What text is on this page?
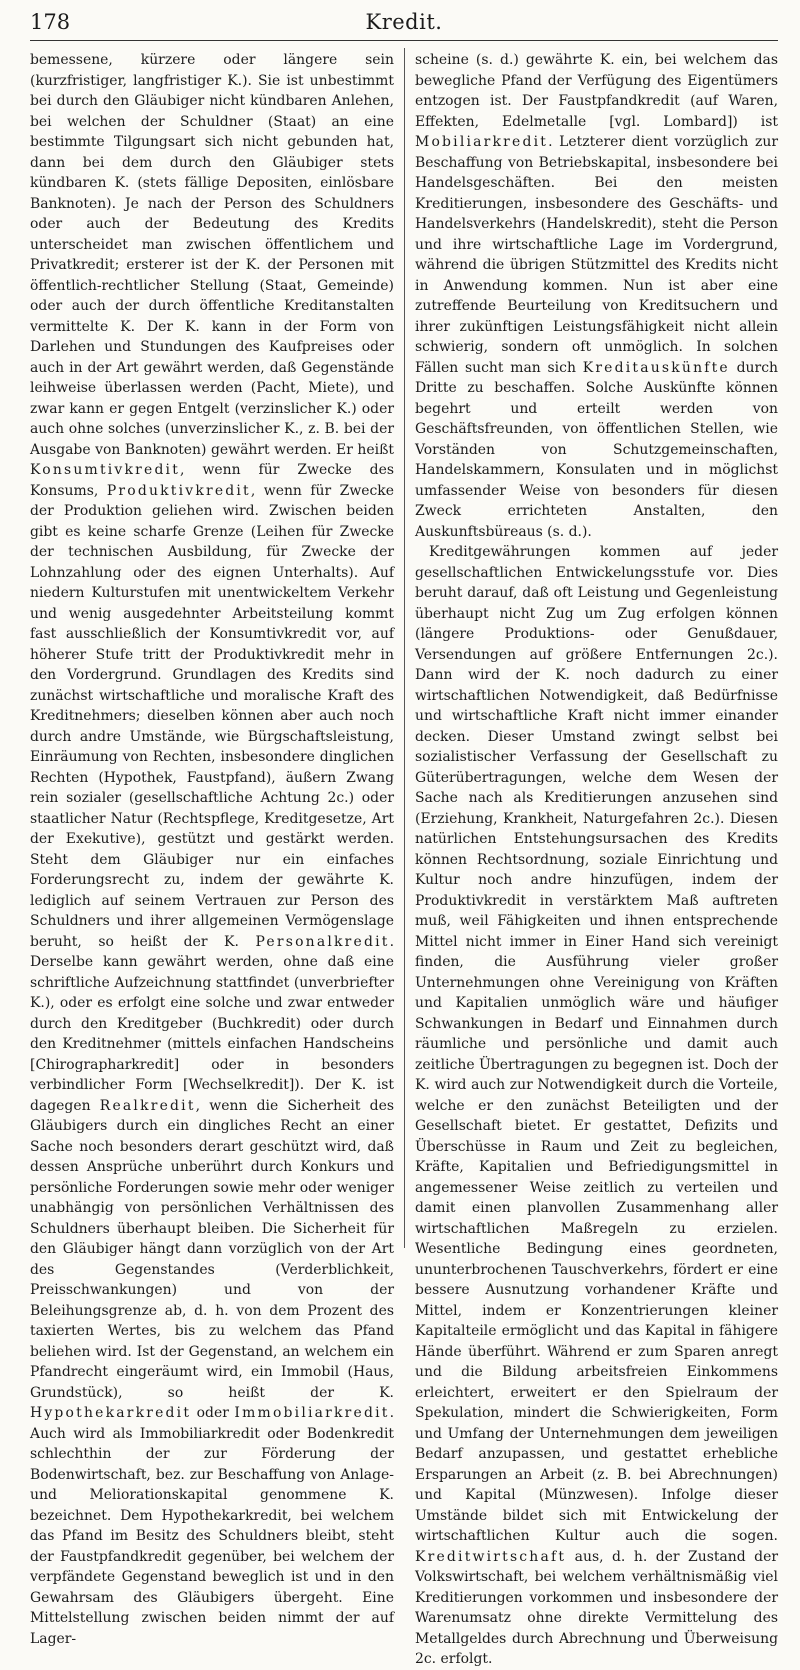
178	Kredit.

bemessene, kürzere oder längere sein (kurzfristiger, langfristiger K.). Sie ist unbestimmt bei durch den Gläubiger nicht kündbaren Anlehen, bei welchen der Schuldner (Staat) an eine bestimmte Tilgungsart sich nicht gebunden hat, dann bei dem durch den Gläubiger stets kündbaren K. (stets fällige Depositen, einlösbare Banknoten). Je nach der Person des Schuldners oder auch der Bedeutung des Kredits unterscheidet man zwischen öffentlichem und Privatkredit; ersterer ist der K. der Personen mit öffentlich-rechtlicher Stellung (Staat, Gemeinde) oder auch der durch öffentliche Kreditanstalten vermittelte K. Der K. kann in der Form von Darlehen und Stundungen des Kaufpreises oder auch in der Art gewährt werden, daß Gegenstände leihweise überlassen werden (Pacht, Miete), und zwar kann er gegen Entgelt (verzinslicher K.) oder auch ohne solches (unverzinslicher K., z. B. bei der Ausgabe von Banknoten) gewährt werden. Er heißt Konsumtivkredit, wenn für Zwecke des Konsums, Produktivkredit, wenn für Zwecke der Produktion geliehen wird. Zwischen beiden gibt es keine scharfe Grenze (Leihen für Zwecke der technischen Ausbildung, für Zwecke der Lohnzahlung oder des eignen Unterhalts). Auf niedern Kulturstufen mit unentwickeltem Verkehr und wenig ausgedehnter Arbeitsteilung kommt fast ausschließlich der Konsumtivkredit vor, auf höherer Stufe tritt der Produktivkredit mehr in den Vordergrund. Grundlagen des Kredits sind zunächst wirtschaftliche und moralische Kraft des Kreditnehmers; dieselben können aber auch noch durch andre Umstände, wie Bürgschaftsleistung, Einräumung von Rechten, insbesondere dinglichen Rechten (Hypothek, Faustpfand), äußern Zwang rein sozialer (gesellschaftliche Achtung 2c.) oder staatlicher Natur (Rechtspflege, Kreditgesetze, Art der Exekutive), gestützt und gestärkt werden. Steht dem Gläubiger nur ein einfaches Forderungsrecht zu, indem der gewährte K. lediglich auf seinem Vertrauen zur Person des Schuldners und ihrer allgemeinen Vermögenslage beruht, so heißt der K. Personalkredit. Derselbe kann gewährt werden, ohne daß eine schriftliche Aufzeichnung stattfindet (unverbriefter K.), oder es erfolgt eine solche und zwar entweder durch den Kreditgeber (Buchkredit) oder durch den Kreditnehmer (mittels einfachen Handscheins [Chirographarkredit] oder in besonders verbindlicher Form [Wechselkredit]). Der K. ist dagegen Realkredit, wenn die Sicherheit des Gläubigers durch ein dingliches Recht an einer Sache noch besonders derart geschützt wird, daß dessen Ansprüche unberührt durch Konkurs und persönliche Forderungen sowie mehr oder weniger unabhängig von persönlichen Verhältnissen des Schuldners überhaupt bleiben. Die Sicherheit für den Gläubiger hängt dann vorzüglich von der Art des Gegenstandes (Verderblichkeit, Preisschwankungen) und von der Beleihungsgrenze ab, d. h. von dem Prozent des taxierten Wertes, bis zu welchem das Pfand beliehen wird. Ist der Gegenstand, an welchem ein Pfandrecht eingeräumt wird, ein Immobil (Haus, Grundstück), so heißt der K. Hypothekarkredit oder Immobiliarkredit. Auch wird als Immobiliarkredit oder Bodenkredit schlechthin der zur Förderung der Bodenwirtschaft, bez. zur Beschaffung von Anlage- und Meliorationskapital genommene K. bezeichnet. Dem Hypothekarkredit, bei welchem das Pfand im Besitz des Schuldners bleibt, steht der Faustpfandkredit gegenüber, bei welchem der verpfändete Gegenstand beweglich ist und in den Gewahrsam des Gläubigers übergeht. Eine Mittelstellung zwischen beiden nimmt der auf Lager-

scheine (s. d.) gewährte K. ein, bei welchem das bewegliche Pfand der Verfügung des Eigentümers entzogen ist. Der Faustpfandkredit (auf Waren, Effekten, Edelmetalle [vgl. Lombard]) ist Mobiliarkredit. Letzterer dient vorzüglich zur Beschaffung von Betriebskapital, insbesondere bei Handelsgeschäften. Bei den meisten Kreditierungen, insbesondere des Geschäfts- und Handelsverkehrs (Handelskredit), steht die Person und ihre wirtschaftliche Lage im Vordergrund, während die übrigen Stützmittel des Kredits nicht in Anwendung kommen. Nun ist aber eine zutreffende Beurteilung von Kreditsuchern und ihrer zukünftigen Leistungsfähigkeit nicht allein schwierig, sondern oft unmöglich. In solchen Fällen sucht man sich Kreditauskünfte durch Dritte zu beschaffen. Solche Auskünfte können begehrt und erteilt werden von Geschäftsfreunden, von öffentlichen Stellen, wie Vorständen von Schutzgemeinschaften, Handelskammern, Konsulaten und in möglichst umfassender Weise von besonders für diesen Zweck errichteten Anstalten, den Auskunftsbüreaus (s. d.).

Kreditgewährungen kommen auf jeder gesellschaftlichen Entwickelungsstufe vor. Dies beruht darauf, daß oft Leistung und Gegenleistung überhaupt nicht Zug um Zug erfolgen können (längere Produktions- oder Genußdauer, Versendungen auf größere Entfernungen 2c.). Dann wird der K. noch dadurch zu einer wirtschaftlichen Notwendigkeit, daß Bedürfnisse und wirtschaftliche Kraft nicht immer einander decken. Dieser Umstand zwingt selbst bei sozialistischer Verfassung der Gesellschaft zu Güterübertragungen, welche dem Wesen der Sache nach als Kreditierungen anzusehen sind (Erziehung, Krankheit, Naturgefahren 2c.). Diesen natürlichen Entstehungsursachen des Kredits können Rechtsordnung, soziale Einrichtung und Kultur noch andre hinzufügen, indem der Produktivkredit in verstärktem Maß auftreten muß, weil Fähigkeiten und ihnen entsprechende Mittel nicht immer in Einer Hand sich vereinigt finden, die Ausführung vieler großer Unternehmungen ohne Vereinigung von Kräften und Kapitalien unmöglich wäre und häufiger Schwankungen in Bedarf und Einnahmen durch räumliche und persönliche und damit auch zeitliche Übertragungen zu begegnen ist. Doch der K. wird auch zur Notwendigkeit durch die Vorteile, welche er den zunächst Beteiligten und der Gesellschaft bietet. Er gestattet, Defizits und Überschüsse in Raum und Zeit zu begleichen, Kräfte, Kapitalien und Befriedigungsmittel in angemessener Weise zeitlich zu verteilen und damit einen planvollen Zusammenhang aller wirtschaftlichen Maßregeln zu erzielen. Wesentliche Bedingung eines geordneten, ununterbrochenen Tauschverkehrs, fördert er eine bessere Ausnutzung vorhandener Kräfte und Mittel, indem er Konzentrierungen kleiner Kapitalteile ermöglicht und das Kapital in fähigere Hände überführt. Während er zum Sparen anregt und die Bildung arbeitsfreien Einkommens erleichtert, erweitert er den Spielraum der Spekulation, mindert die Schwierigkeiten, Form und Umfang der Unternehmungen dem jeweiligen Bedarf anzupassen, und gestattet erhebliche Ersparungen an Arbeit (z. B. bei Abrechnungen) und Kapital (Münzwesen). Infolge dieser Umstände bildet sich mit Entwickelung der wirtschaftlichen Kultur auch die sogen. Kreditwirtschaft aus, d. h. der Zustand der Volkswirtschaft, bei welchem verhältnismäßig viel Kreditierungen vorkommen und insbesondere der Warenumsatz ohne direkte Vermittelung des Metallgeldes durch Abrechnung und Überweisung 2c. erfolgt.
